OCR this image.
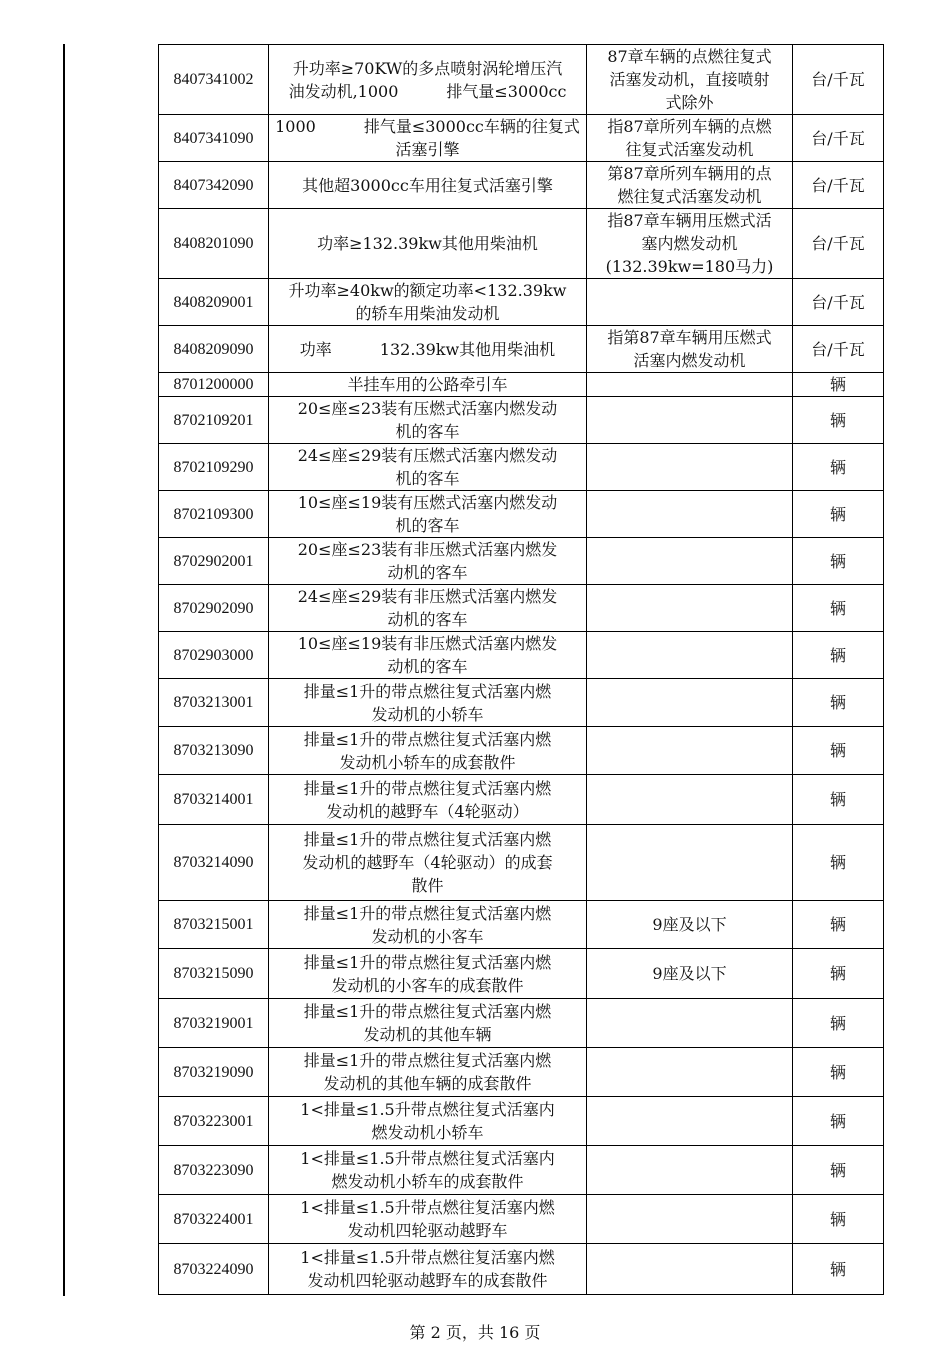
8407341002	升功率≥70KW的多点喷射涡轮增压汽
油发动机,1000　　　排气量≤3000cc	87章车辆的点燃往复式
活塞发动机，直接喷射
式除外	台/千瓦
8407341090	1000　　　排气量≤3000cc车辆的往复式
活塞引擎	指87章所列车辆的点燃
往复式活塞发动机	台/千瓦
8407342090	其他超3000cc车用往复式活塞引擎	第87章所列车辆用的点
燃往复式活塞发动机	台/千瓦
8408201090	功率≥132.39kw其他用柴油机	指87章车辆用压燃式活
塞内燃发动机
(132.39kw=180马力)	台/千瓦
8408209001	升功率≥40kw的额定功率<132.39kw
的轿车用柴油发动机		台/千瓦
8408209090	功率　　　132.39kw其他用柴油机	指第87章车辆用压燃式
活塞内燃发动机	台/千瓦
8701200000	半挂车用的公路牵引车		辆
8702109201	20≤座≤23装有压燃式活塞内燃发动
机的客车		辆
8702109290	24≤座≤29装有压燃式活塞内燃发动
机的客车		辆
8702109300	10≤座≤19装有压燃式活塞内燃发动
机的客车		辆
8702902001	20≤座≤23装有非压燃式活塞内燃发
动机的客车		辆
8702902090	24≤座≤29装有非压燃式活塞内燃发
动机的客车		辆
8702903000	10≤座≤19装有非压燃式活塞内燃发
动机的客车		辆
8703213001	排量≤1升的带点燃往复式活塞内燃
发动机的小轿车		辆
8703213090	排量≤1升的带点燃往复式活塞内燃
发动机小轿车的成套散件		辆
8703214001	排量≤1升的带点燃往复式活塞内燃
发动机的越野车（4轮驱动）		辆
8703214090	排量≤1升的带点燃往复式活塞内燃
发动机的越野车（4轮驱动）的成套
散件		辆
8703215001	排量≤1升的带点燃往复式活塞内燃
发动机的小客车	9座及以下	辆
8703215090	排量≤1升的带点燃往复式活塞内燃
发动机的小客车的成套散件	9座及以下	辆
8703219001	排量≤1升的带点燃往复式活塞内燃
发动机的其他车辆		辆
8703219090	排量≤1升的带点燃往复式活塞内燃
发动机的其他车辆的成套散件		辆
8703223001	1<排量≤1.5升带点燃往复式活塞内
燃发动机小轿车		辆
8703223090	1<排量≤1.5升带点燃往复式活塞内
燃发动机小轿车的成套散件		辆
8703224001	1<排量≤1.5升带点燃往复活塞内燃
发动机四轮驱动越野车		辆
8703224090	1<排量≤1.5升带点燃往复活塞内燃
发动机四轮驱动越野车的成套散件		辆
第 2 页，共 16 页
